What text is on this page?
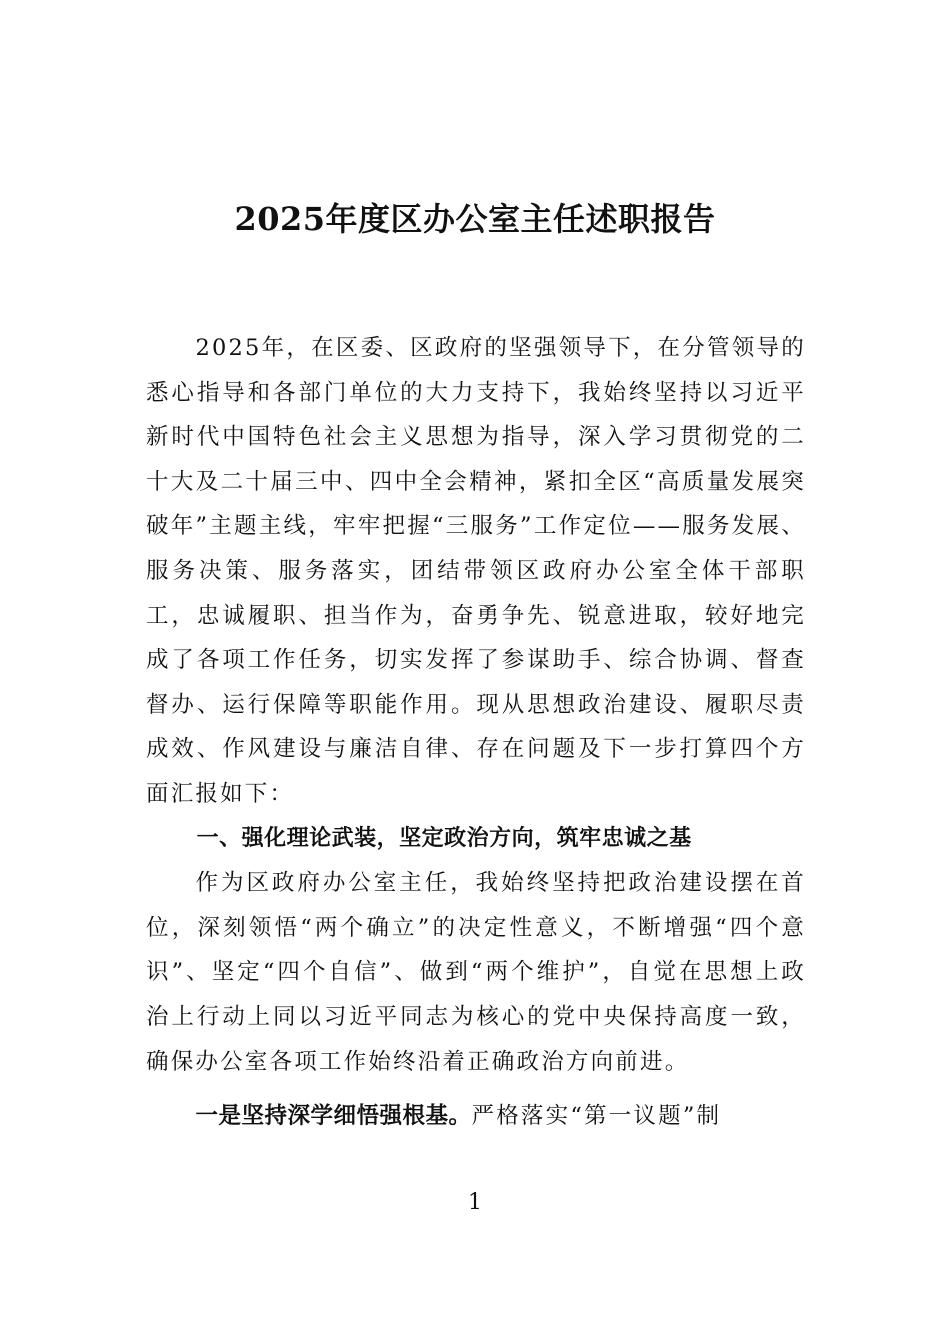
2025年度区办公室主任述职报告

2025年，在区委、区政府的坚强领导下，在分管领导的悉心指导和各部门单位的大力支持下，我始终坚持以习近平新时代中国特色社会主义思想为指导，深入学习贯彻党的二十大及二十届三中、四中全会精神，紧扣全区“高质量发展突破年”主题主线，牢牢把握“三服务”工作定位——服务发展、服务决策、服务落实，团结带领区政府办公室全体干部职工，忠诚履职、担当作为，奋勇争先、锐意进取，较好地完成了各项工作任务，切实发挥了参谋助手、综合协调、督查督办、运行保障等职能作用。现从思想政治建设、履职尽责成效、作风建设与廉洁自律、存在问题及下一步打算四个方面汇报如下：

一、强化理论武装，坚定政治方向，筑牢忠诚之基

作为区政府办公室主任，我始终坚持把政治建设摆在首位，深刻领悟“两个确立”的决定性意义，不断增强“四个意识”、坚定“四个自信”、做到“两个维护”，自觉在思想上政治上行动上同以习近平同志为核心的党中央保持高度一致，确保办公室各项工作始终沿着正确政治方向前进。

一是坚持深学细悟强根基。严格落实“第一议题”制

1
